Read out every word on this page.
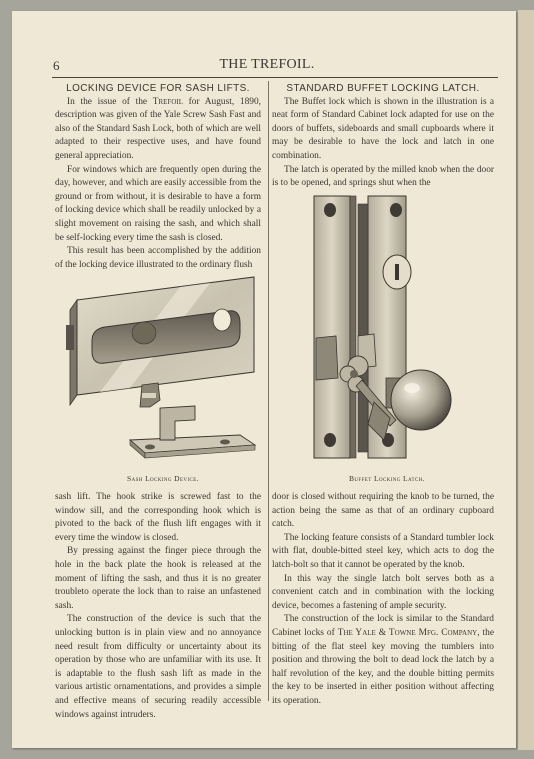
6	THE TREFOIL.

LOCKING DEVICE FOR SASH LIFTS.

In the issue of the Trefoil for August, 1890, description was given of the Yale Screw Sash Fast and also of the Standard Sash Lock, both of which are well adapted to their respective uses, and have found general appreciation.

For windows which are frequently open during the day, however, and which are easily accessible from the ground or from without, it is desirable to have a form of locking device which shall be readily unlocked by a slight movement on raising the sash, and which shall be self-locking every time the sash is closed.

This result has been accomplished by the addition of the locking device illustrated to the ordinary flush

Sash Locking Device.

sash lift. The hook strike is screwed fast to the window sill, and the corresponding hook which is pivoted to the back of the flush lift engages with it every time the window is closed.

By pressing against the finger piece through the hole in the back plate the hook is released at the moment of lifting the sash, and thus it is no greater troubleto operate the lock than to raise an unfastened sash.

The construction of the device is such that the unlocking button is in plain view and no annoyance need result from difficulty or uncertainty about its operation by those who are unfamiliar with its use. It is adaptable to the flush sash lift as made in the various artistic ornamentations, and provides a simple and effective means of securing readily accessible windows against intruders.

STANDARD BUFFET LOCKING LATCH.

The Buffet lock which is shown in the illustration is a neat form of Standard Cabinet lock adapted for use on the doors of buffets, sideboards and small cupboards where it may be desirable to have the lock and latch in one combination.

The latch is operated by the milled knob when the door is to be opened, and springs shut when the

Buffet Locking Latch.

door is closed without requiring the knob to be turned, the action being the same as that of an ordinary cupboard catch.

The locking feature consists of a Standard tumbler lock with flat, double-bitted steel key, which acts to dog the latch-bolt so that it cannot be operated by the knob.

In this way the single latch bolt serves both as a convenient catch and in combination with the locking device, becomes a fastening of ample security.

The construction of the lock is similar to the Standard Cabinet locks of The Yale & Towne Mfg. Company, the bitting of the flat steel key moving the tumblers into position and throwing the bolt to dead lock the latch by a half revolution of the key, and the double bitting permits the key to be inserted in either position without affecting its operation.
